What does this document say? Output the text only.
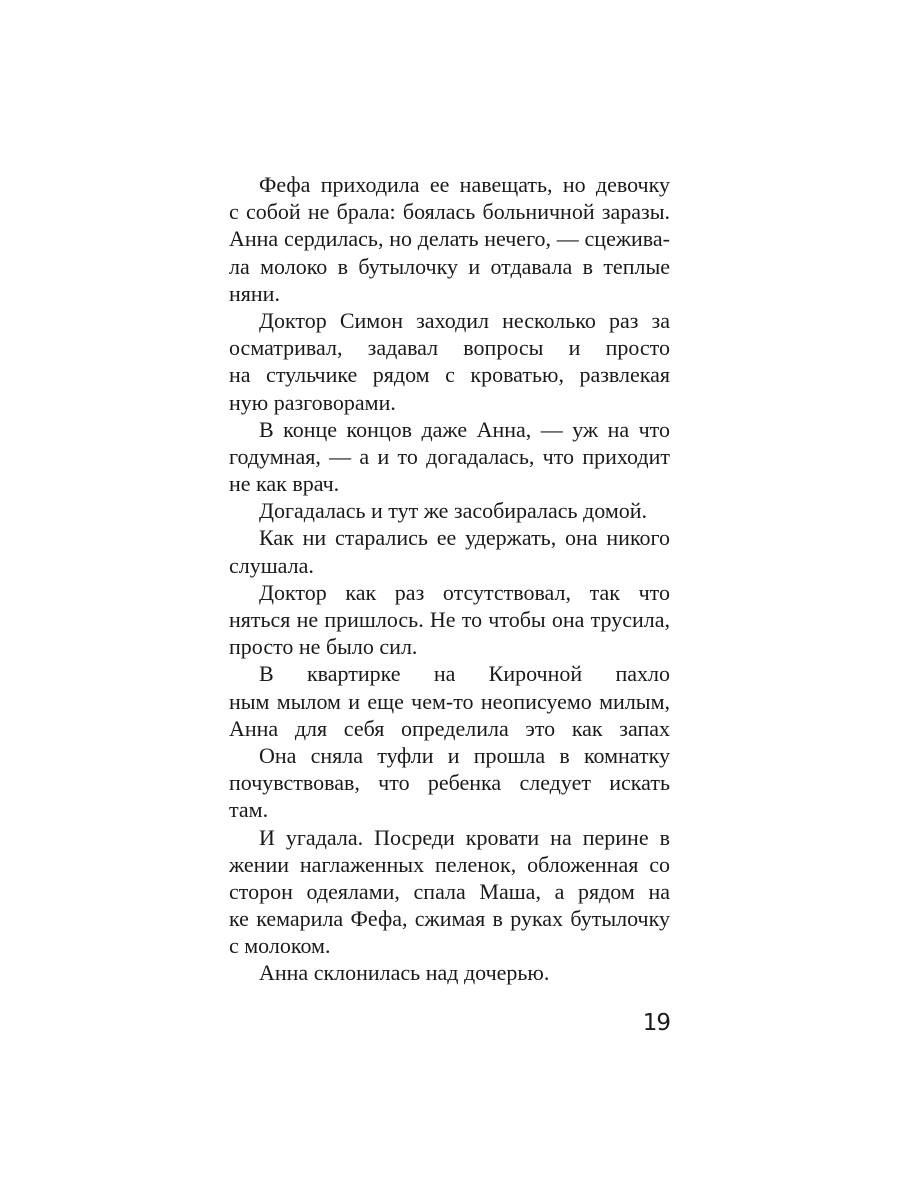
Фефа приходила ее навещать, но девочку
с собой не брала: боялась больничной заразы.
Анна сердилась, но делать нечего, — сцежива-
ла молоко в бутылочку и отдавала в теплые
няни.
Доктор Симон заходил несколько раз за
осматривал, задавал вопросы и просто
на стульчике рядом с кроватью, развлекая
ную разговорами.
В конце концов даже Анна, — уж на что
годумная, — а и то догадалась, что приходит
не как врач.
Догадалась и тут же засобиралась домой.
Как ни старались ее удержать, она никого
слушала.
Доктор как раз отсутствовал, так что
няться не пришлось. Не то чтобы она трусила,
просто не было сил.
В квартирке на Кирочной пахло
ным мылом и еще чем-то неописуемо милым,
Анна для себя определила это как запах
Она сняла туфли и прошла в комнатку
почувствовав, что ребенка следует искать
там.
И угадала. Посреди кровати на перине в
жении наглаженных пеленок, обложенная со
сторон одеялами, спала Маша, а рядом на
ке кемарила Фефа, сжимая в руках бутылочку
с молоком.
Анна склонилась над дочерью.
19
